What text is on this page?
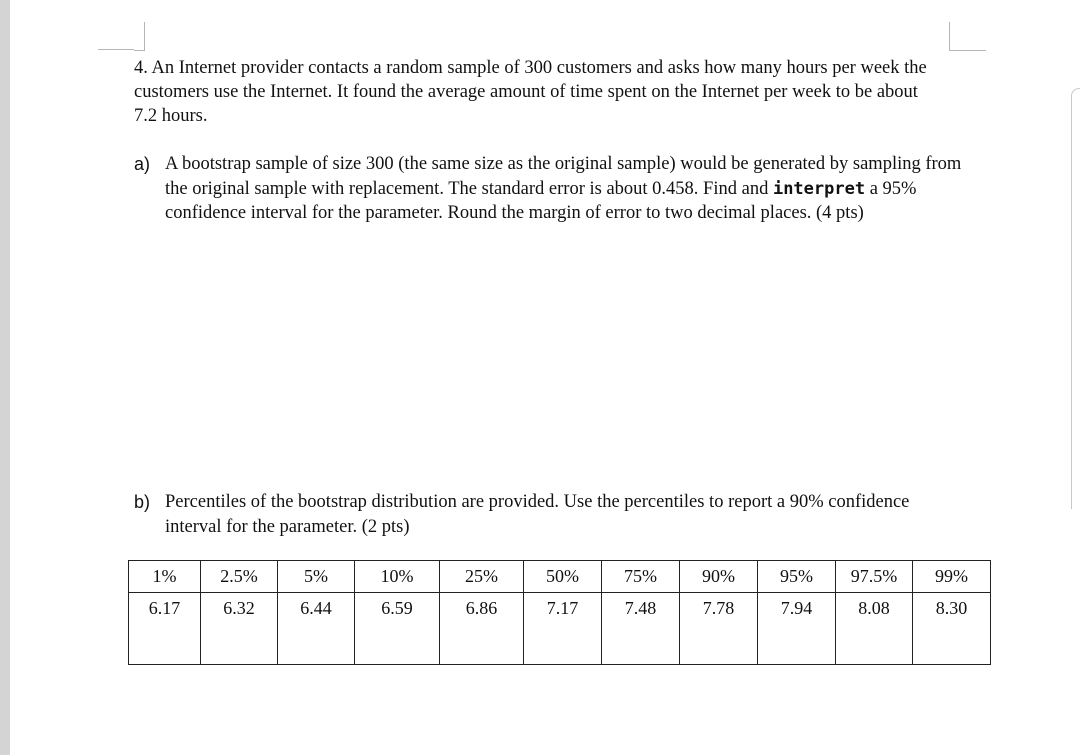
4. An Internet provider contacts a random sample of 300 customers and asks how many hours per week the customers use the Internet. It found the average amount of time spent on the Internet per week to be about 7.2 hours.
a) A bootstrap sample of size 300 (the same size as the original sample) would be generated by sampling from the original sample with replacement. The standard error is about 0.458. Find and interpret a 95% confidence interval for the parameter. Round the margin of error to two decimal places. (4 pts)
b) Percentiles of the bootstrap distribution are provided. Use the percentiles to report a 90% confidence interval for the parameter. (2 pts)
1%	2.5%	5%	10%	25%	50%	75%	90%	95%	97.5%	99%
6.17	6.32	6.44	6.59	6.86	7.17	7.48	7.78	7.94	8.08	8.30
